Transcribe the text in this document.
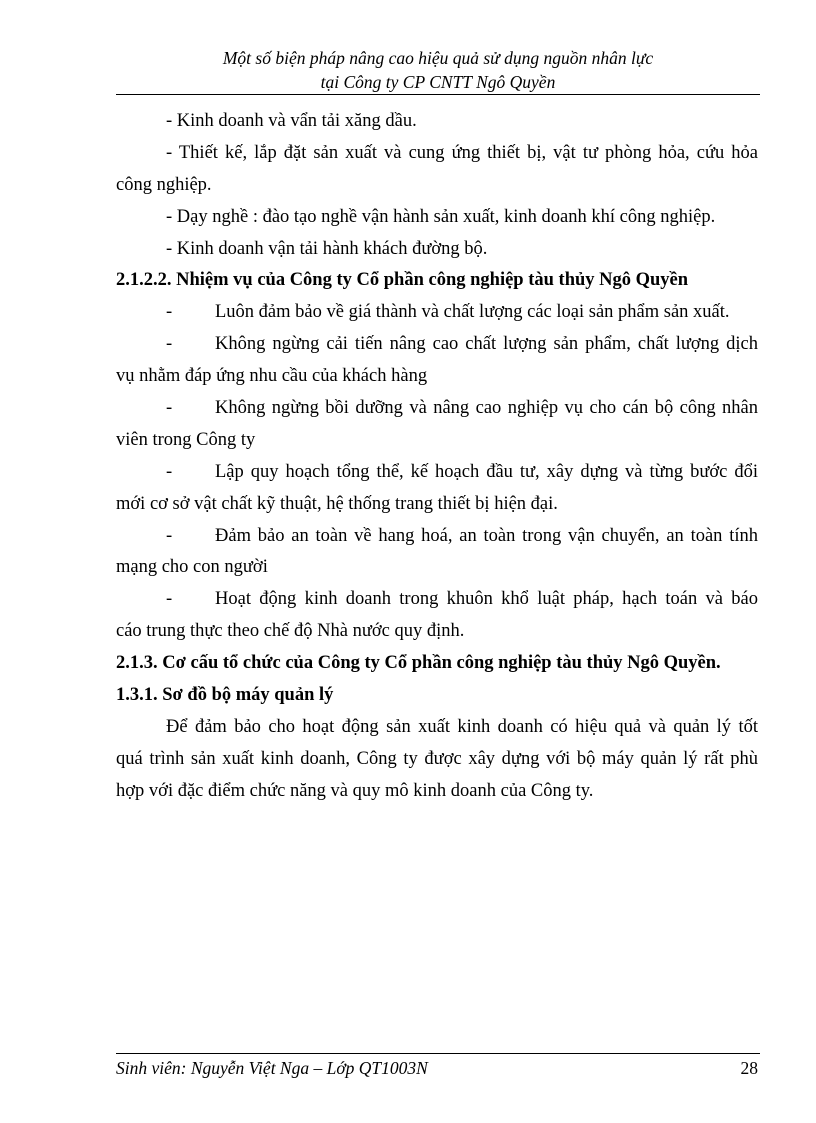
Một số biện pháp nâng cao hiệu quả sử dụng nguồn nhân lực
tại Công ty CP CNTT Ngô Quyền
- Kinh doanh và vẩn tải xăng dầu.
- Thiết kế, lắp đặt sản xuất và cung ứng thiết bị, vật tư phòng hỏa, cứu hỏa
công nghiệp.
- Dạy nghề : đào tạo nghề vận hành sản xuất, kinh doanh khí công nghiệp.
- Kinh doanh vận tải hành khách đường bộ.
2.1.2.2. Nhiệm vụ của Công ty Cổ phần công nghiệp tàu thủy Ngô Quyền
-	Luôn đảm bảo về giá thành và chất lượng các loại sản phẩm sản xuất.
-	Không ngừng cải tiến nâng cao chất lượng sản phẩm, chất lượng dịch
vụ nhằm đáp ứng nhu cầu của khách hàng
-	Không ngừng bồi dưỡng và nâng cao nghiệp vụ cho cán bộ công nhân
viên trong Công ty
-	Lập quy hoạch tổng thể, kế hoạch đầu tư, xây dựng và từng bước đổi
mới cơ sở vật chất kỹ thuật, hệ thống trang thiết bị hiện đại.
-	Đảm bảo an toàn về hang hoá, an toàn trong vận chuyển, an toàn tính
mạng cho con người
-	Hoạt động kinh doanh trong khuôn khổ luật pháp, hạch toán và báo
cáo trung thực theo chế độ Nhà nước quy định.
2.1.3. Cơ cấu tổ chức của Công ty Cổ phần công nghiệp tàu thủy Ngô Quyền.
1.3.1. Sơ đồ bộ máy quản lý
Để đảm bảo cho hoạt động sản xuất kinh doanh có hiệu quả và quản lý tốt
quá trình sản xuất kinh doanh, Công ty được xây dựng với bộ máy quản lý rất phù
hợp với đặc điểm chức năng và quy mô kinh doanh của Công ty.
Sinh viên: Nguyễn Việt Nga – Lớp QT1003N	28
